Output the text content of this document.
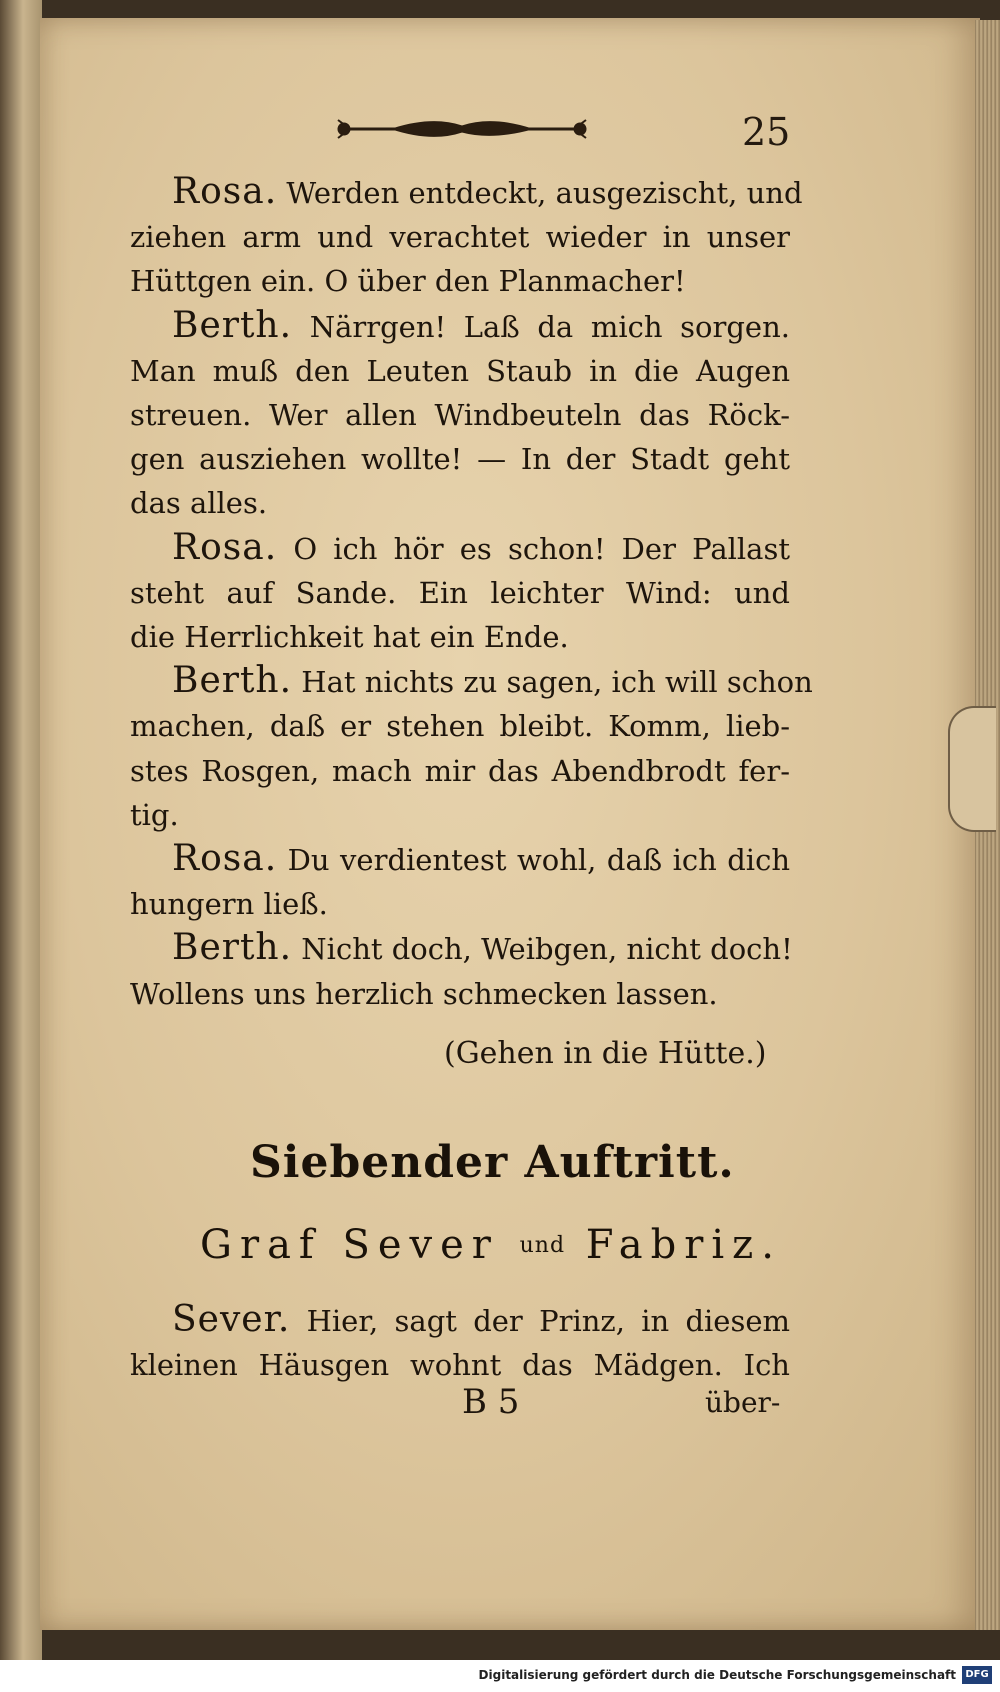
25

Rosa. Werden entdeckt, ausgezischt, und

ziehen arm und verachtet wieder in unser
Hüttgen ein. O über den Planmacher!

Berth. Närrgen! Laß da mich sorgen.

Man muß den Leuten Staub in die Augen
streuen. Wer allen Windbeuteln das Röck-
gen ausziehen wollte! — In der Stadt geht
das alles.

Rosa. O ich hör es schon! Der Pallast

steht auf Sande. Ein leichter Wind: und
die Herrlichkeit hat ein Ende.

Berth. Hat nichts zu sagen, ich will schon

machen, daß er stehen bleibt. Komm, lieb-
stes Rosgen, mach mir das Abendbrodt fer-
tig.

Rosa. Du verdientest wohl, daß ich dich

hungern ließ.

Berth. Nicht doch, Weibgen, nicht doch!

Wollens uns herzlich schmecken lassen.

(Gehen in die Hütte.)
Siebender Auftritt.
Graf Sever und Fabriz.

Sever. Hier, sagt der Prinz, in diesem

kleinen Häusgen wohnt das Mädgen. Ich

B 5	über-
Digitalisierung gefördert durch die Deutsche Forschungsgemeinschaft DFG
